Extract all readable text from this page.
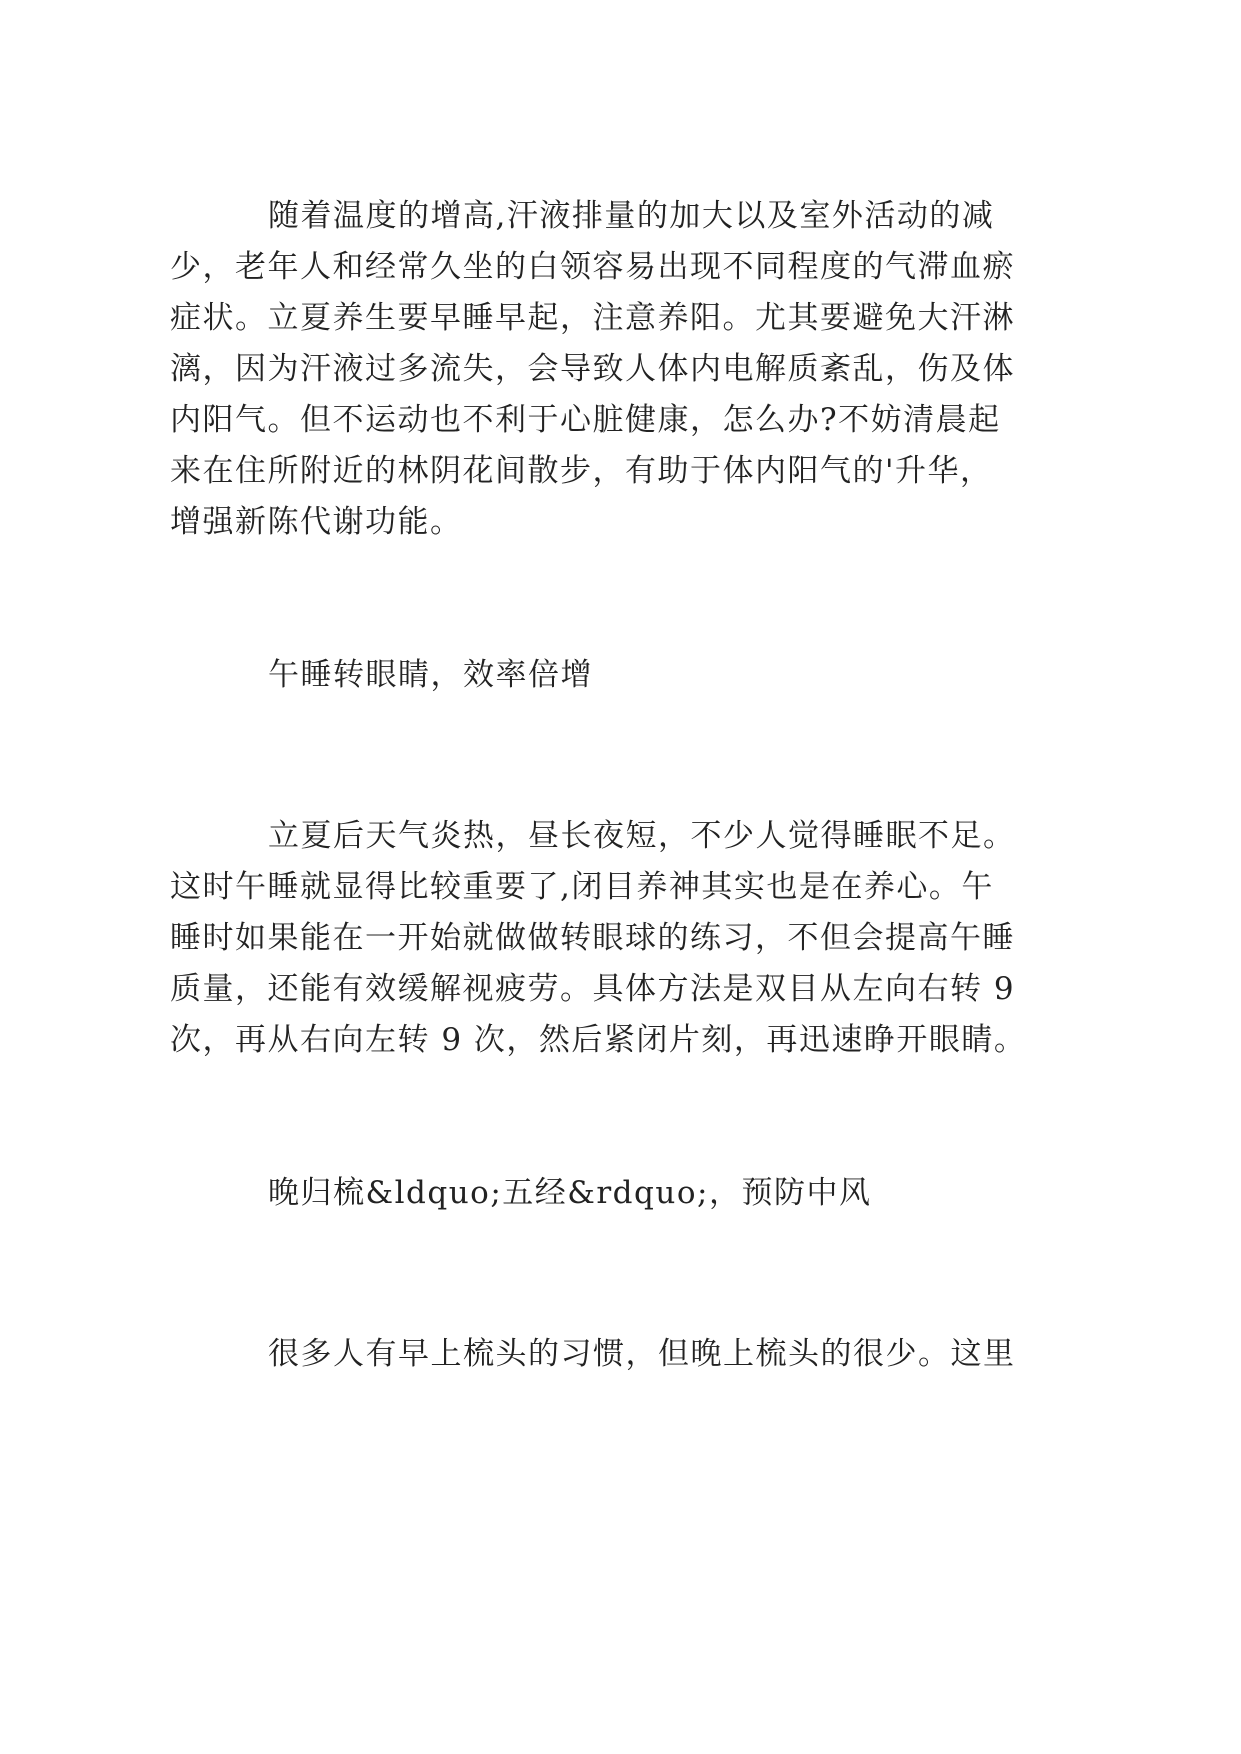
随着温度的增高,汗液排量的加大以及室外活动的减
少，老年人和经常久坐的白领容易出现不同程度的气滞血瘀
症状。立夏养生要早睡早起，注意养阳。尤其要避免大汗淋
漓，因为汗液过多流失，会导致人体内电解质紊乱，伤及体
内阳气。但不运动也不利于心脏健康，怎么办?不妨清晨起
来在住所附近的林阴花间散步，有助于体内阳气的'升华，
增强新陈代谢功能。
午睡转眼睛，效率倍增
立夏后天气炎热，昼长夜短，不少人觉得睡眠不足。
这时午睡就显得比较重要了,闭目养神其实也是在养心。午
睡时如果能在一开始就做做转眼球的练习，不但会提高午睡
质量，还能有效缓解视疲劳。具体方法是双目从左向右转 9
次，再从右向左转 9 次，然后紧闭片刻，再迅速睁开眼睛。
晚归梳&ldquo;五经&rdquo;，预防中风
很多人有早上梳头的习惯，但晚上梳头的很少。这里
